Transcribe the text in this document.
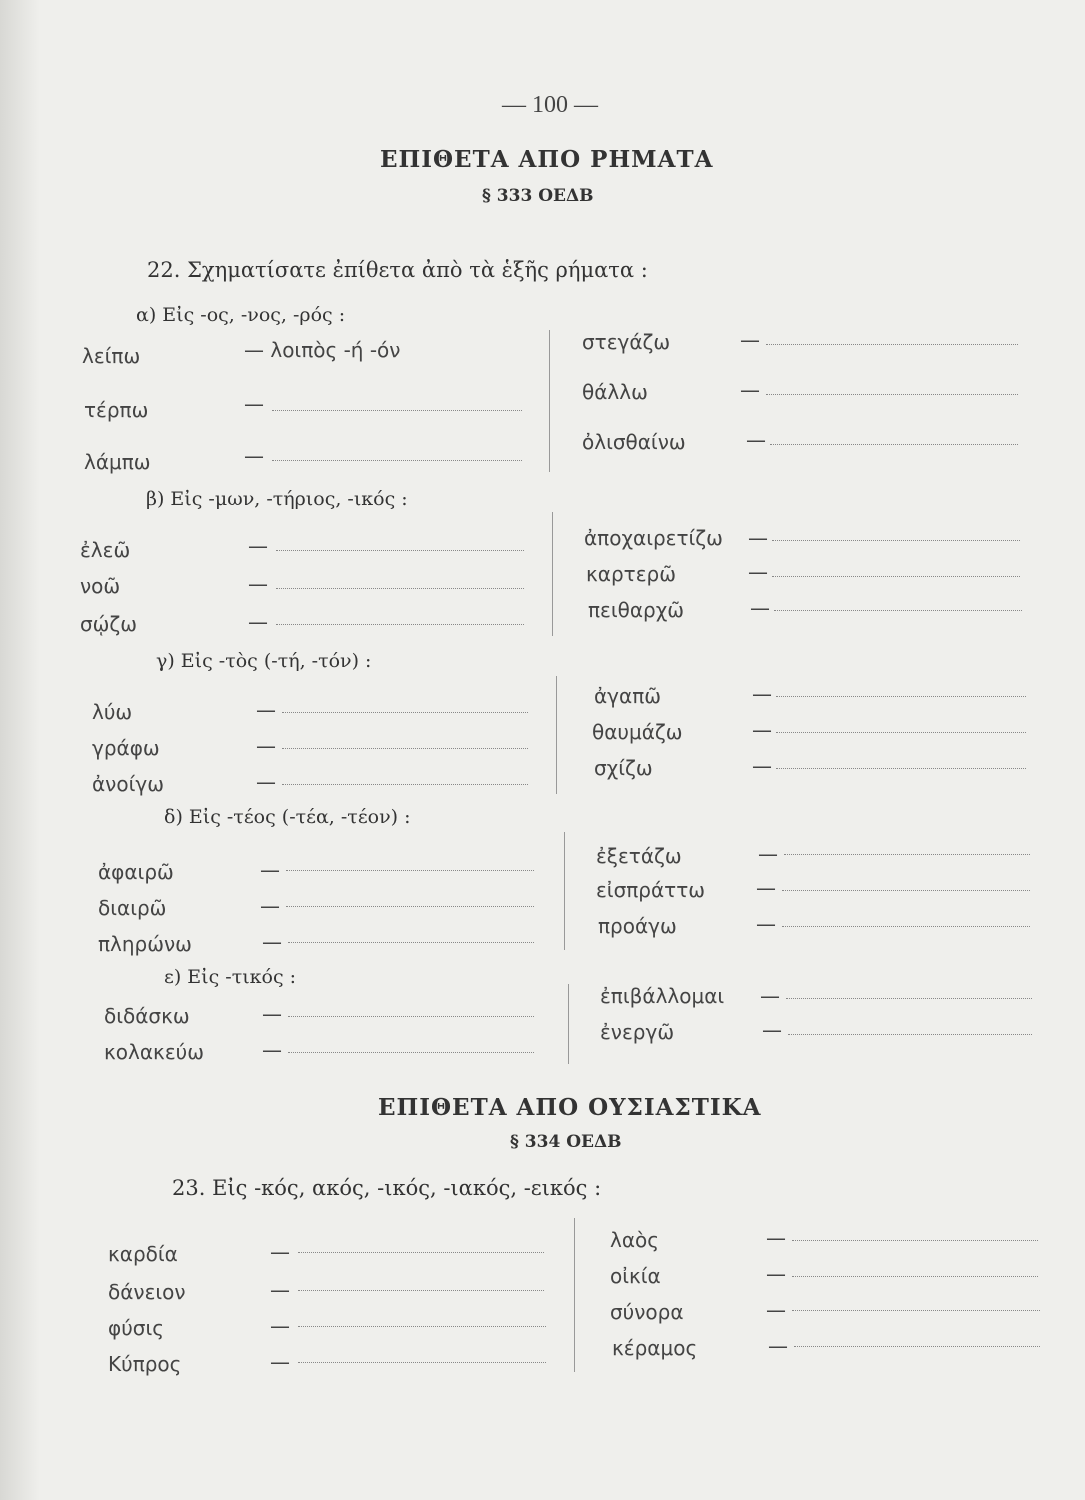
— 100 —
ΕΠΙΘΕΤΑ ΑΠΟ ΡΗΜΑΤΑ
§ 333 ΟΕΔΒ
22. Σχηματίσατε ἐπίθετα ἀπὸ τὰ ἑξῆς ρήματα :
α) Εἰς -ος, -νος, -ρός :
λείπω	— λοιπὸς -ή -όν
τέρπω	—
λάμπω	—
στεγάζω	—
θάλλω	—
ὀλισθαίνω	—
β) Εἰς -μων, -τήριος, -ικός :
ἐλεῶ	—
νοῶ	—
σῴζω	—
ἀποχαιρετίζω —
καρτερῶ	—
πειθαρχῶ	—
γ) Εἰς -τὸς (-τή, -τόν) :
λύω	—
γράφω	—
ἀνοίγω	—
ἀγαπῶ	—
θαυμάζω	—
σχίζω	—
δ) Εἰς -τέος (-τέα, -τέον) :
ἀφαιρῶ	—
διαιρῶ	—
πληρώνω	—
ἐξετάζω	—
εἰσπράττω	—
προάγω	—
ε) Εἰς -τικός :
διδάσκω	—
κολακεύω	—
ἐπιβάλλομαι —
ἐνεργῶ	—
ΕΠΙΘΕΤΑ ΑΠΟ ΟΥΣΙΑΣΤΙΚΑ
§ 334 ΟΕΔΒ
23. Εἰς -κός, ακός, -ικός, -ιακός, -εικός :
καρδία	—
δάνειον	—
φύσις	—
Κύπρος	—
λαὸς	—
οἰκία	—
σύνορα	—
κέραμος	—
